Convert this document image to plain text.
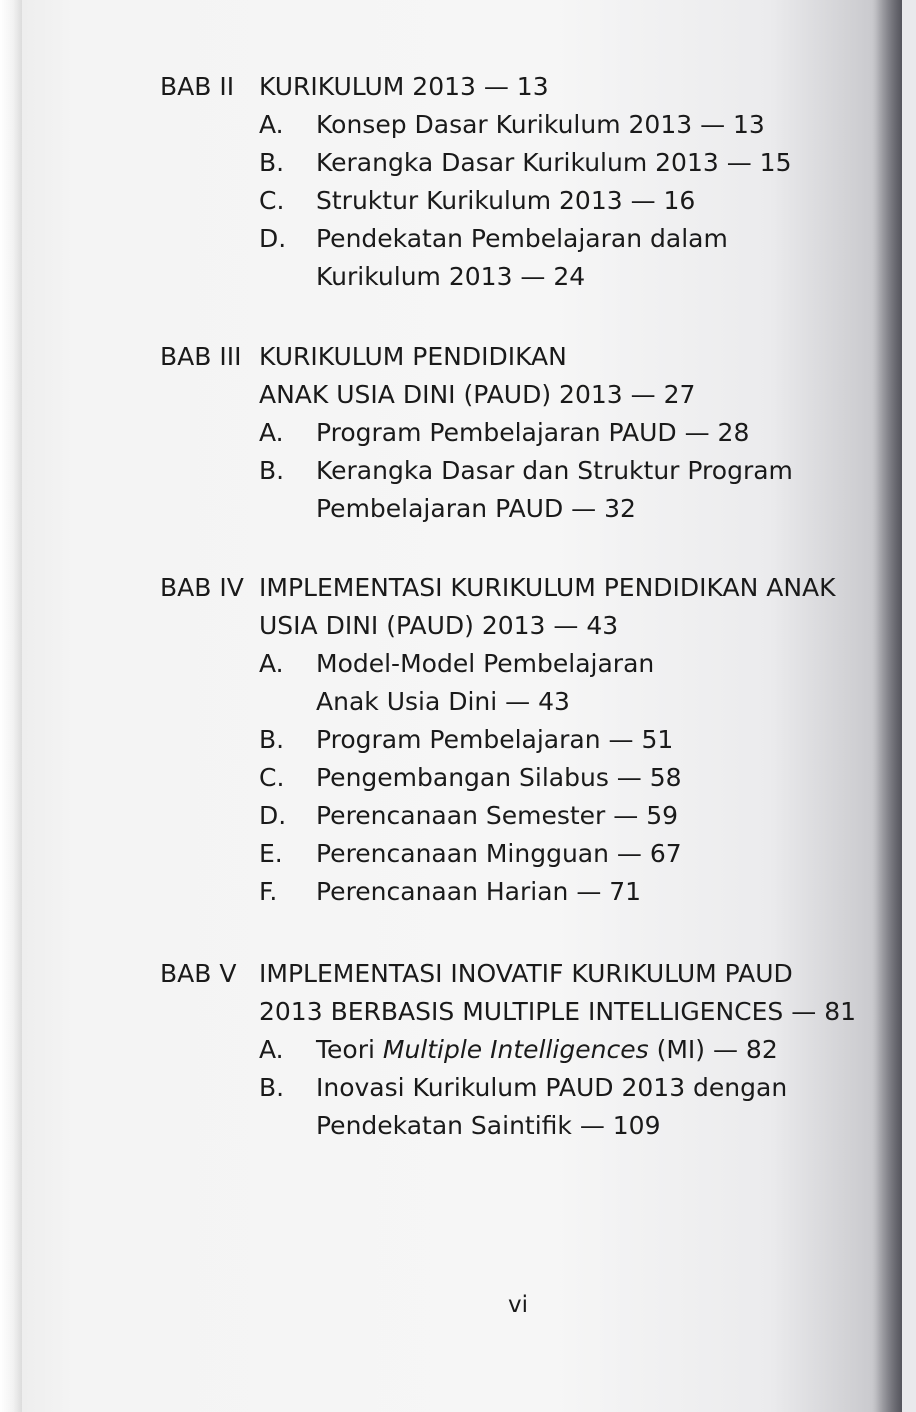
BAB II KURIKULUM 2013 — 13
A. Konsep Dasar Kurikulum 2013 — 13
B. Kerangka Dasar Kurikulum 2013 — 15
C. Struktur Kurikulum 2013 — 16
D. Pendekatan Pembelajaran dalam
Kurikulum 2013 — 24
BAB III KURIKULUM PENDIDIKAN
ANAK USIA DINI (PAUD) 2013 — 27
A. Program Pembelajaran PAUD — 28
B. Kerangka Dasar dan Struktur Program
Pembelajaran PAUD — 32
BAB IV IMPLEMENTASI KURIKULUM PENDIDIKAN ANAK
USIA DINI (PAUD) 2013 — 43
A. Model-Model Pembelajaran
Anak Usia Dini — 43
B. Program Pembelajaran — 51
C. Pengembangan Silabus — 58
D. Perencanaan Semester — 59
E. Perencanaan Mingguan — 67
F. Perencanaan Harian — 71
BAB V IMPLEMENTASI INOVATIF KURIKULUM PAUD
2013 BERBASIS MULTIPLE INTELLIGENCES — 81
A. Teori Multiple Intelligences (MI) — 82
B. Inovasi Kurikulum PAUD 2013 dengan
Pendekatan Saintifik — 109
vi
